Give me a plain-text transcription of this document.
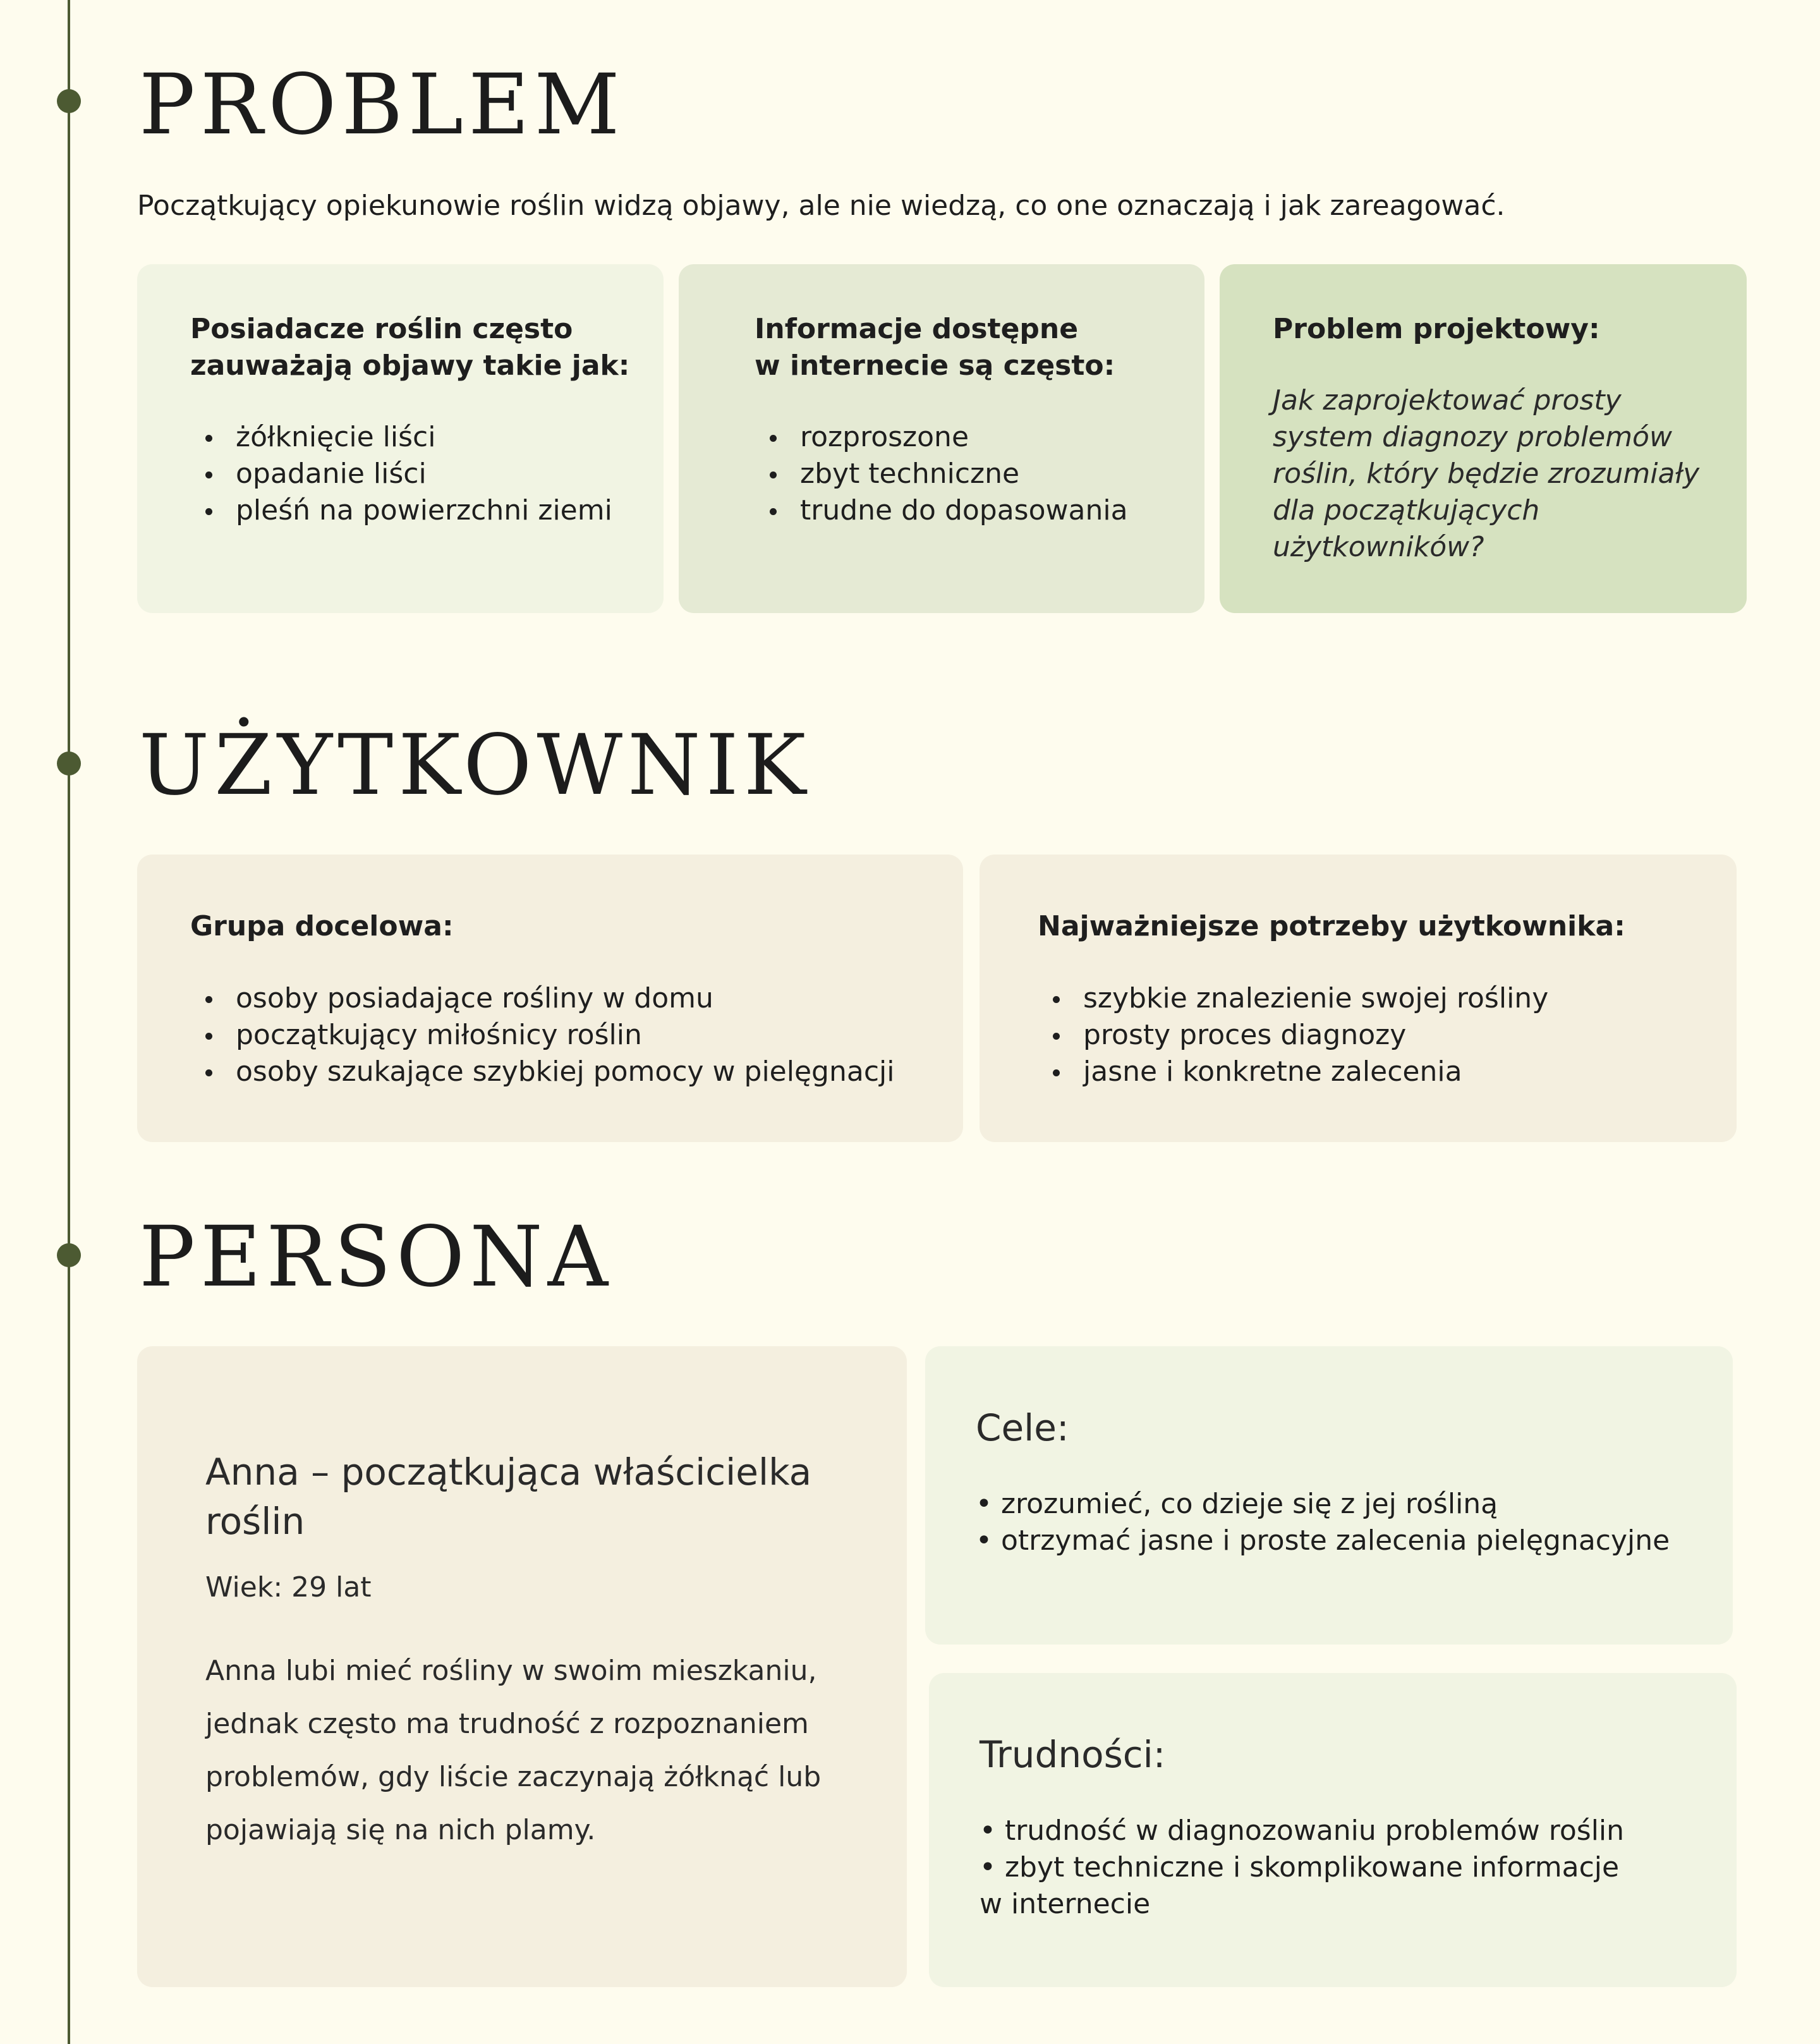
PROBLEM

Początkujący opiekunowie roślin widzą objawy, ale nie wiedzą, co one oznaczają i jak zareagować.

Posiadacze roślin często
zauważają objawy takie jak:

żółknięcie liści
opadanie liści
pleśń na powierzchni ziemi

Informacje dostępne
w internecie są często:

rozproszone
zbyt techniczne
trudne do dopasowania

Problem projektowy:

Jak zaprojektować prosty
system diagnozy problemów
roślin, który będzie zrozumiały
dla początkujących
użytkowników?

UŻYTKOWNIK

Grupa docelowa:

osoby posiadające rośliny w domu
początkujący miłośnicy roślin
osoby szukające szybkiej pomocy w pielęgnacji

Najważniejsze potrzeby użytkownika:

szybkie znalezienie swojej rośliny
prosty proces diagnozy
jasne i konkretne zalecenia
PERSONA

Anna – początkująca właścicielka
roślin

Wiek: 29 lat

Anna lubi mieć rośliny w swoim mieszkaniu,
jednak często ma trudność z rozpoznaniem
problemów, gdy liście zaczynają żółknąć lub
pojawiają się na nich plamy.

Cele:

• zrozumieć, co dzieje się z jej rośliną
• otrzymać jasne i proste zalecenia pielęgnacyjne

Trudności:

• trudność w diagnozowaniu problemów roślin
• zbyt techniczne i skomplikowane informacje
w internecie
